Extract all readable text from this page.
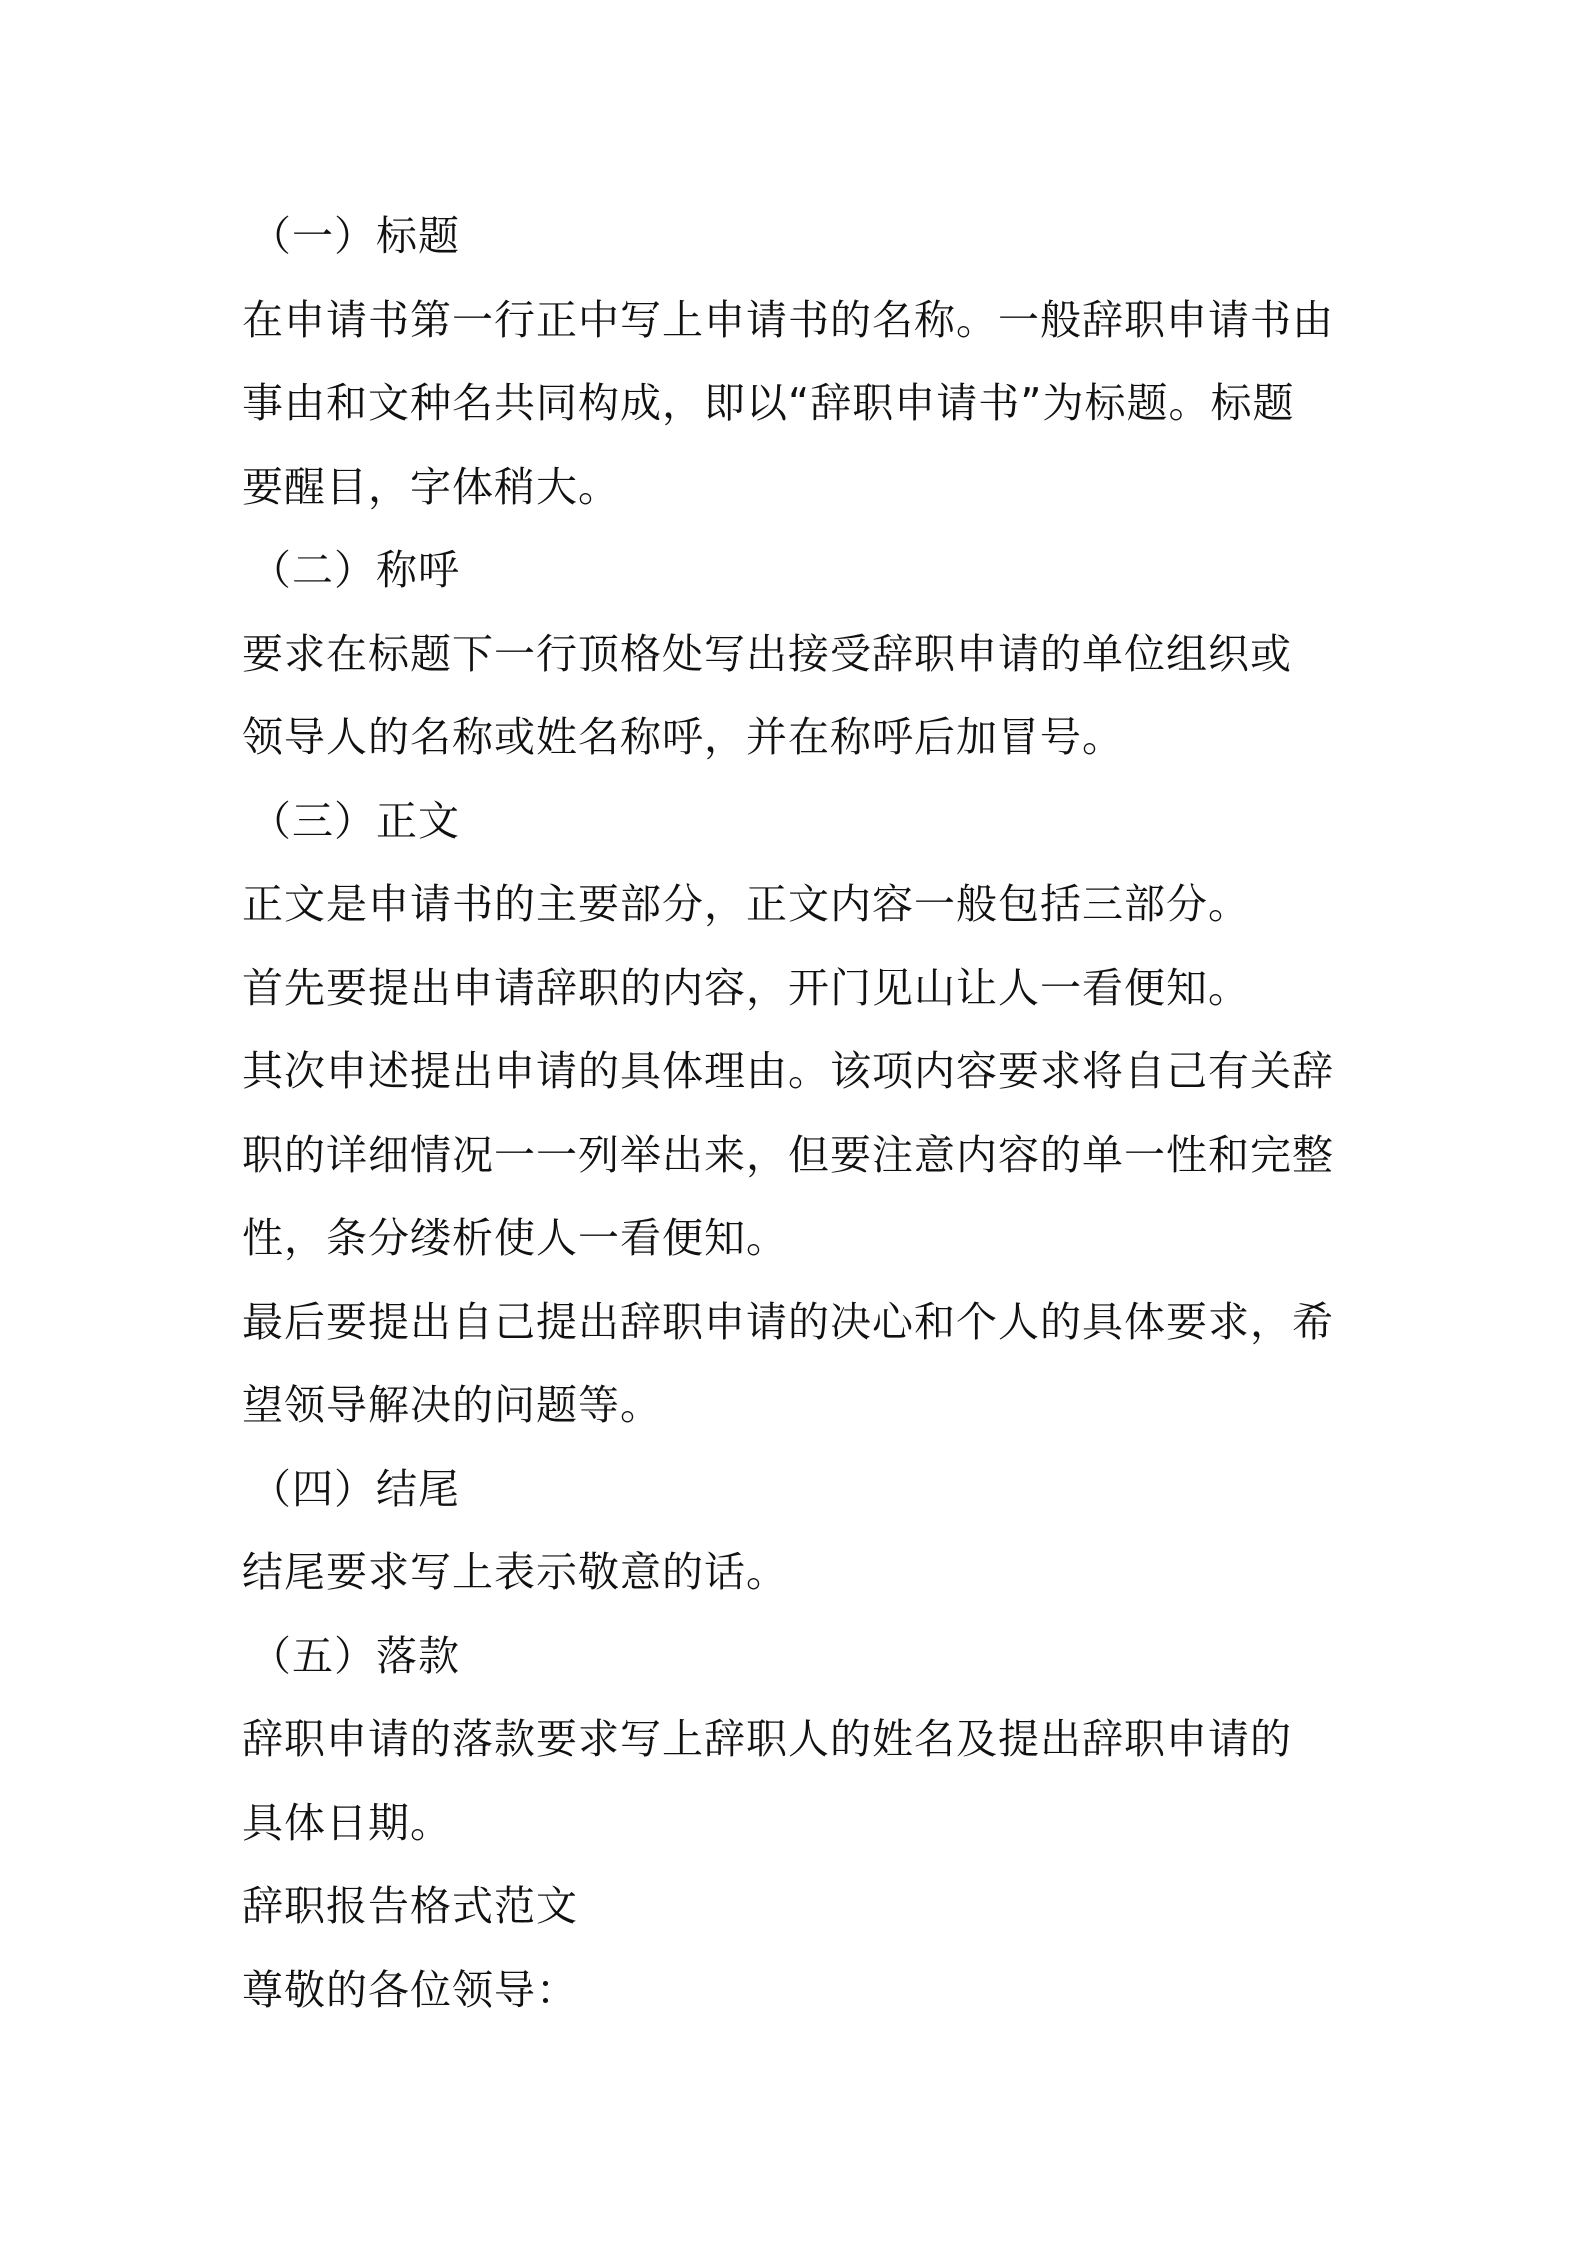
（一）标题
在申请书第一行正中写上申请书的名称。一般辞职申请书由
事由和文种名共同构成，即以“辞职申请书”为标题。标题
要醒目，字体稍大。
（二）称呼
要求在标题下一行顶格处写出接受辞职申请的单位组织或
领导人的名称或姓名称呼，并在称呼后加冒号。
（三）正文
正文是申请书的主要部分，正文内容一般包括三部分。
首先要提出申请辞职的内容，开门见山让人一看便知。
其次申述提出申请的具体理由。该项内容要求将自己有关辞
职的详细情况一一列举出来，但要注意内容的单一性和完整
性，条分缕析使人一看便知。
最后要提出自己提出辞职申请的决心和个人的具体要求，希
望领导解决的问题等。
（四）结尾
结尾要求写上表示敬意的话。
（五）落款
辞职申请的落款要求写上辞职人的姓名及提出辞职申请的
具体日期。
辞职报告格式范文
尊敬的各位领导：
